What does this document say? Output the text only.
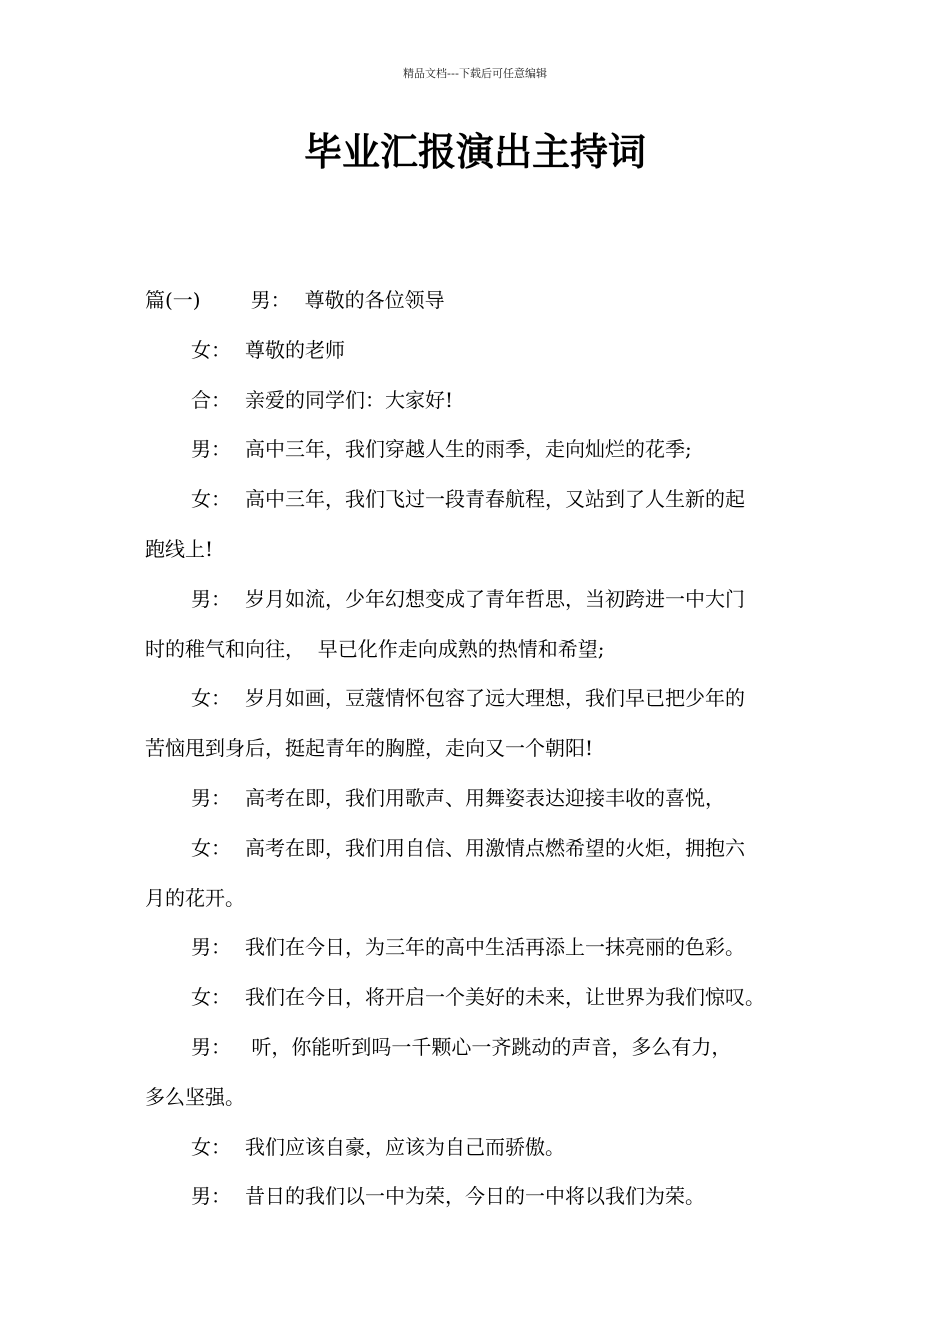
精品文档---下载后可任意编辑
毕业汇报演出主持词
篇(一)	男： 尊敬的各位领导
女： 尊敬的老师
合： 亲爱的同学们：大家好!
男： 高中三年，我们穿越人生的雨季，走向灿烂的花季;
女： 高中三年，我们飞过一段青春航程，又站到了人生新的起
跑线上!
男： 岁月如流，少年幻想变成了青年哲思，当初跨进一中大门
时的稚气和向往，  早已化作走向成熟的热情和希望;
女： 岁月如画，豆蔻情怀包容了远大理想，我们早已把少年的
苦恼甩到身后，挺起青年的胸膛，走向又一个朝阳!
男： 高考在即，我们用歌声、用舞姿表达迎接丰收的喜悦，
女： 高考在即，我们用自信、用激情点燃希望的火炬，拥抱六
月的花开。
男： 我们在今日，为三年的高中生活再添上一抹亮丽的色彩。
女： 我们在今日，将开启一个美好的未来，让世界为我们惊叹。
男： 听，你能听到吗一千颗心一齐跳动的声音，多么有力，
多么坚强。
女： 我们应该自豪，应该为自己而骄傲。
男： 昔日的我们以一中为荣，今日的一中将以我们为荣。
